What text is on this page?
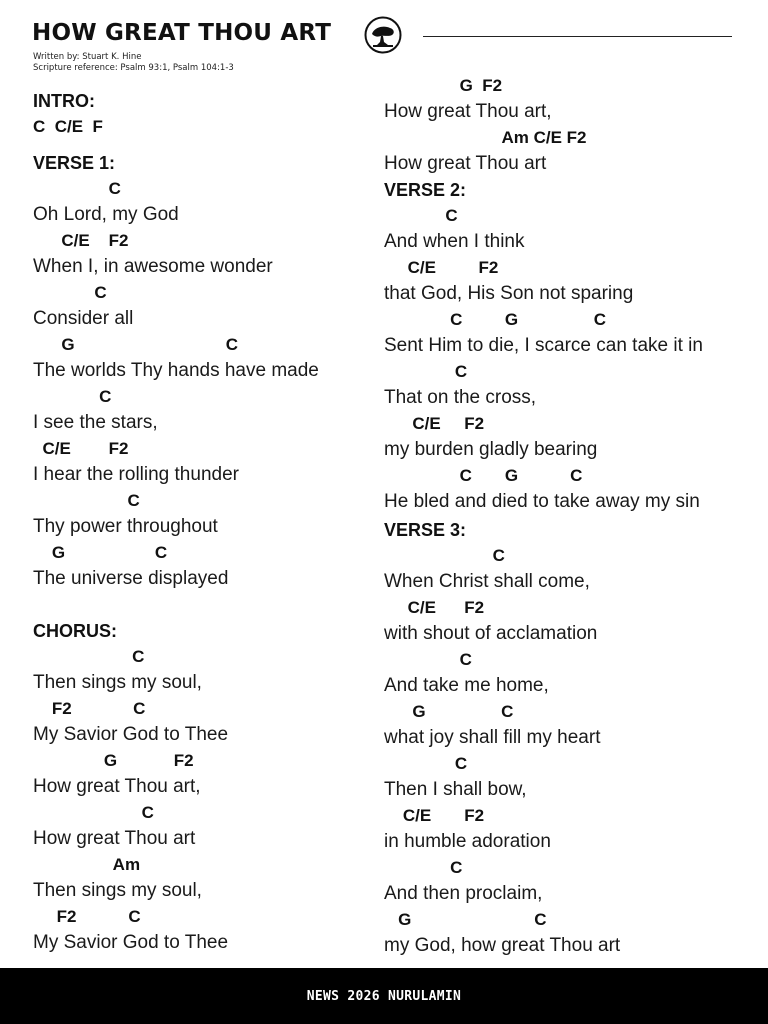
HOW GREAT THOU ART
Written by: Stuart K. Hine
Scripture reference: Psalm 93:1, Psalm 104:1-3
INTRO:
C  C/E  F
VERSE 1:
C
Oh Lord, my God
C/E    F2
When I, in awesome wonder
C
Consider all
G                                C
The worlds Thy hands have made
C
I see the stars,
C/E        F2
I hear the rolling thunder
C
Thy power throughout
G                   C
The universe displayed
CHORUS:
C
Then sings my soul,
F2             C
My Savior God to Thee
G            F2
How great Thou art,
C
How great Thou art
Am
Then sings my soul,
F2           C
My Savior God to Thee
G  F2
How great Thou art,
Am C/E F2
How great Thou art
VERSE 2:
C
And when I think
C/E         F2
that God, His Son not sparing
C         G                C
Sent Him to die, I scarce can take it in
C
That on the cross,
C/E     F2
my burden gladly bearing
C       G           C
He bled and died to take away my sin
VERSE 3:
C
When Christ shall come,
C/E      F2
with shout of acclamation
C
And take me home,
G                C
what joy shall fill my heart
C
Then I shall bow,
C/E       F2
in humble adoration
C
And then proclaim,
G                          C
my God, how great Thou art
NEWS 2026 NURULAMIN
